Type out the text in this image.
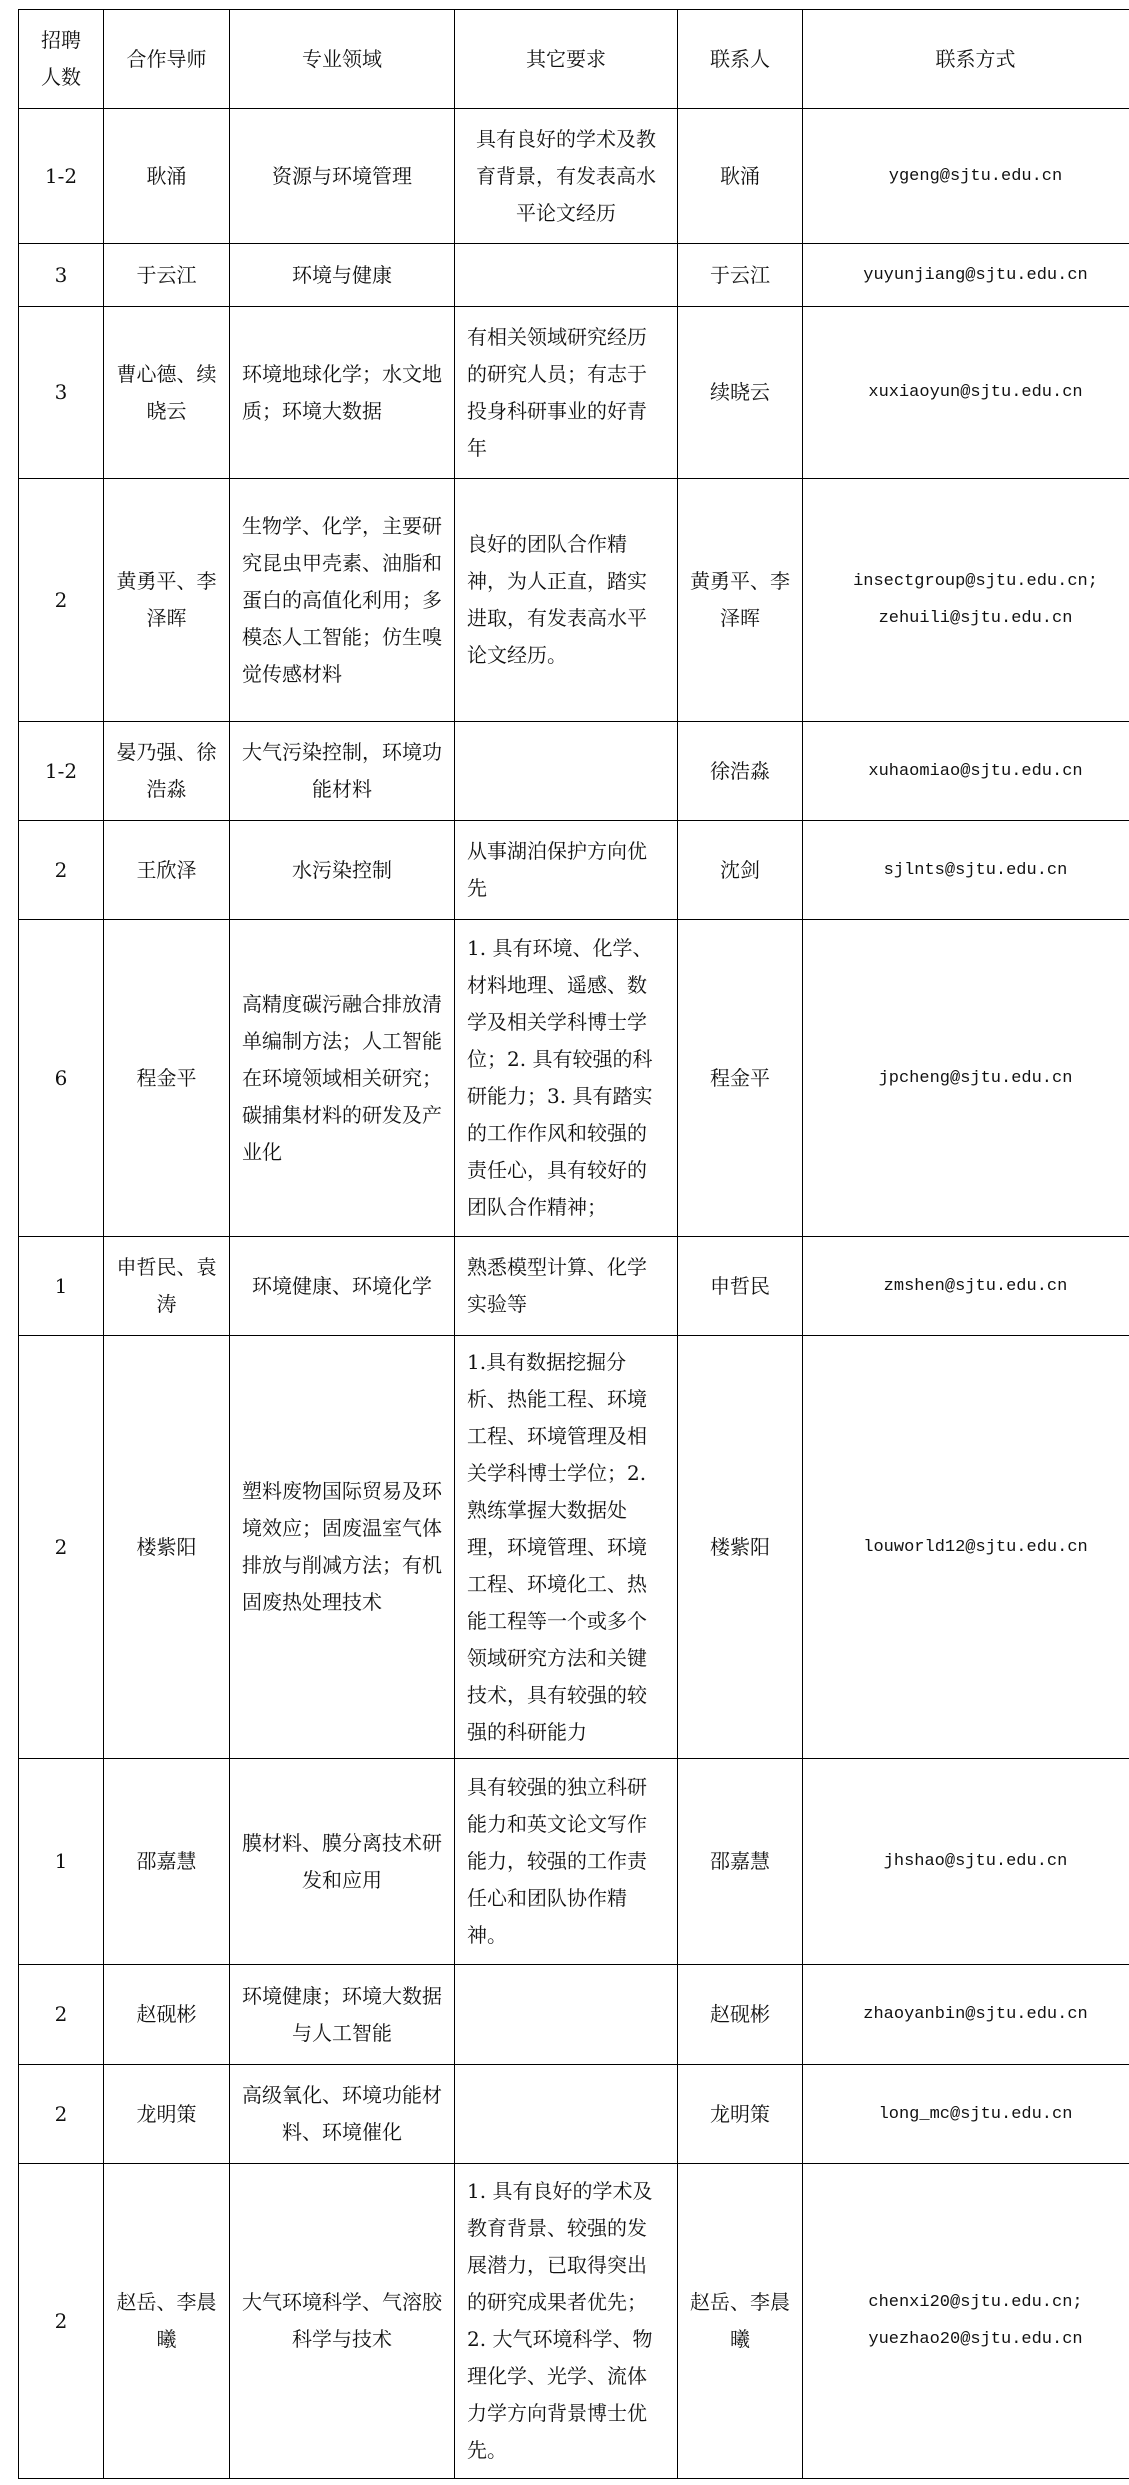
招聘人数	合作导师	专业领域	其它要求	联系人	联系方式
1-2	耿涌	资源与环境管理	具有良好的学术及教育背景，有发表高水平论文经历	耿涌	ygeng@sjtu.edu.cn

3	于云江	环境与健康		于云江	yuyunjiang@sjtu.edu.cn

3	曹心德、续晓云	环境地球化学；水文地质；环境大数据	有相关领域研究经历的研究人员；有志于投身科研事业的好青年	续晓云	xuxiaoyun@sjtu.edu.cn

2	黄勇平、李泽晖	生物学、化学，主要研究昆虫甲壳素、油脂和蛋白的高值化利用；多模态人工智能；仿生嗅觉传感材料	良好的团队合作精神，为人正直，踏实进取，有发表高水平论文经历。	黄勇平、李泽晖	insectgroup@sjtu.edu.cn;
zehuili@sjtu.edu.cn

1-2	晏乃强、徐浩淼	大气污染控制，环境功能材料		徐浩淼	xuhaomiao@sjtu.edu.cn

2	王欣泽	水污染控制	从事湖泊保护方向优先	沈剑	sjlnts@sjtu.edu.cn

6	程金平	高精度碳污融合排放清单编制方法；人工智能在环境领域相关研究；碳捕集材料的研发及产业化	1. 具有环境、化学、材料地理、遥感、数学及相关学科博士学位；2. 具有较强的科研能力；3. 具有踏实的工作作风和较强的责任心，具有较好的团队合作精神；	程金平	jpcheng@sjtu.edu.cn

1	申哲民、袁涛	环境健康、环境化学	熟悉模型计算、化学实验等	申哲民	zmshen@sjtu.edu.cn

2	楼紫阳	塑料废物国际贸易及环境效应；固废温室气体排放与削减方法；有机固废热处理技术	1.具有数据挖掘分析、热能工程、环境工程、环境管理及相关学科博士学位；2.熟练掌握大数据处理，环境管理、环境工程、环境化工、热能工程等一个或多个领域研究方法和关键技术，具有较强的较强的科研能力	楼紫阳	louworld12@sjtu.edu.cn

1	邵嘉慧	膜材料、膜分离技术研发和应用	具有较强的独立科研能力和英文论文写作能力，较强的工作责任心和团队协作精神。	邵嘉慧	jhshao@sjtu.edu.cn

2	赵砚彬	环境健康；环境大数据与人工智能		赵砚彬	zhaoyanbin@sjtu.edu.cn

2	龙明策	高级氧化、环境功能材料、环境催化		龙明策	long_mc@sjtu.edu.cn

2	赵岳、李晨曦	大气环境科学、气溶胶科学与技术	1. 具有良好的学术及教育背景、较强的发展潜力，已取得突出的研究成果者优先；2. 大气环境科学、物理化学、光学、流体力学方向背景博士优先。	赵岳、李晨曦	chenxi20@sjtu.edu.cn;
yuezhao20@sjtu.edu.cn
